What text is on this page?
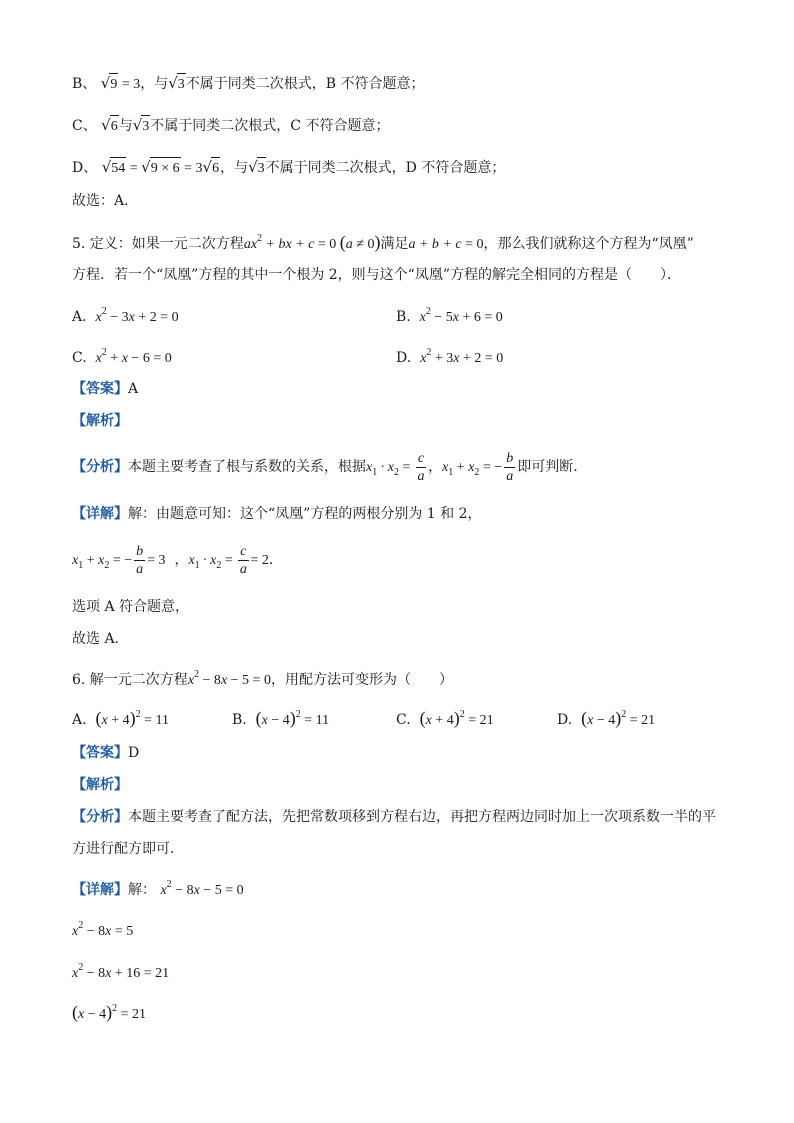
B、 √9 = 3，与√3不属于同类二次根式，B 不符合题意；
C、 √6与√3不属于同类二次根式，C 不符合题意；
D、 √54 = √9 × 6 = 3√6，与√3不属于同类二次根式，D 不符合题意；
故选：A．
5. 定义：如果一元二次方程$ax^2$ + bx + c = 0 (a ≠ 0)满足a + b + c = 0，那么我们就称这个方程为“凤凰”
方程．若一个“凤凰”方程的其中一个根为 2，则与这个“凤凰”方程的解完全相同的方程是（　　）．
A. $x^2 - 3x + 2 = 0$	B. $x^2 - 5x + 6 = 0$
C. $x^2 + x - 6 = 0$	D. $x^2 + 3x + 2 = 0$
【答案】A
【解析】
【分析】本题主要考查了根与系数的关系，根据$x_1 \cdot x_2 = \frac{c}{a}$ ，$x_1 + x_2$ = − $\frac{b}{a}$ 即可判断.
【详解】解：由题意可知：这个“凤凰”方程的两根分别为 1 和 2，
$x_1 + x_2$ = − $\frac{b}{a} = 3$ ，$x_1 \cdot x_2 = \frac{c}{a} = 2$．
选项 A 符合题意，
故选 A.
6. 解一元二次方程$x^2 - 8x - 5 = 0$，用配方法可变形为（　　）
A. $(x + 4)^2 = 11$	B. $(x - 4)^2 = 11$	C. $(x + 4)^2 = 21$	D. $(x - 4)^2 = 21$
【答案】D
【解析】
【分析】本题主要考查了配方法，先把常数项移到方程右边，再把方程两边同时加上一次项系数一半的平
方进行配方即可．
【详解】解： $x^2 - 8x - 5 = 0$
$x^2 - 8x = 5$
$x^2 - 8x + 16 = 21$
$(x - 4)^2 = 21$
